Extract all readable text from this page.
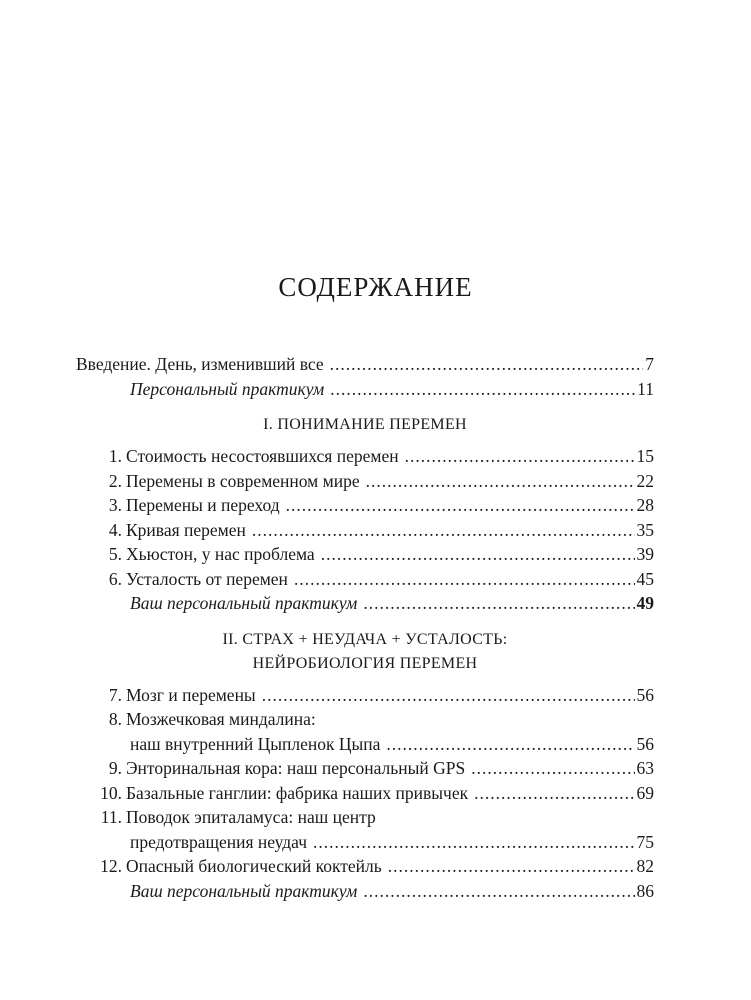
СОДЕРЖАНИЕ
Введение. День, изменивший все .....	7
Персональный практикум .....	11
I. ПОНИМАНИЕ ПЕРЕМЕН
1. Стоимость несостоявшихся перемен .....	15
2. Перемены в современном мире .....	22
3. Перемены и переход .....	28
4. Кривая перемен .....	35
5. Хьюстон, у нас проблема .....	39
6. Усталость от перемен .....	45
Ваш персональный практикум .....	49
II. СТРАХ + НЕУДАЧА + УСТАЛОСТЬ:
НЕЙРОБИОЛОГИЯ ПЕРЕМЕН
7. Мозг и перемены .....	56
8. Мозжечковая миндалина:
наш внутренний Цыпленок Цыпа .....	56
9. Энторинальная кора: наш персональный GPS .....	63
10. Базальные ганглии: фабрика наших привычек .....	69
11. Поводок эпиталамуса: наш центр
предотвращения неудач .....	75
12. Опасный биологический коктейль .....	82
Ваш персональный практикум .....	86
